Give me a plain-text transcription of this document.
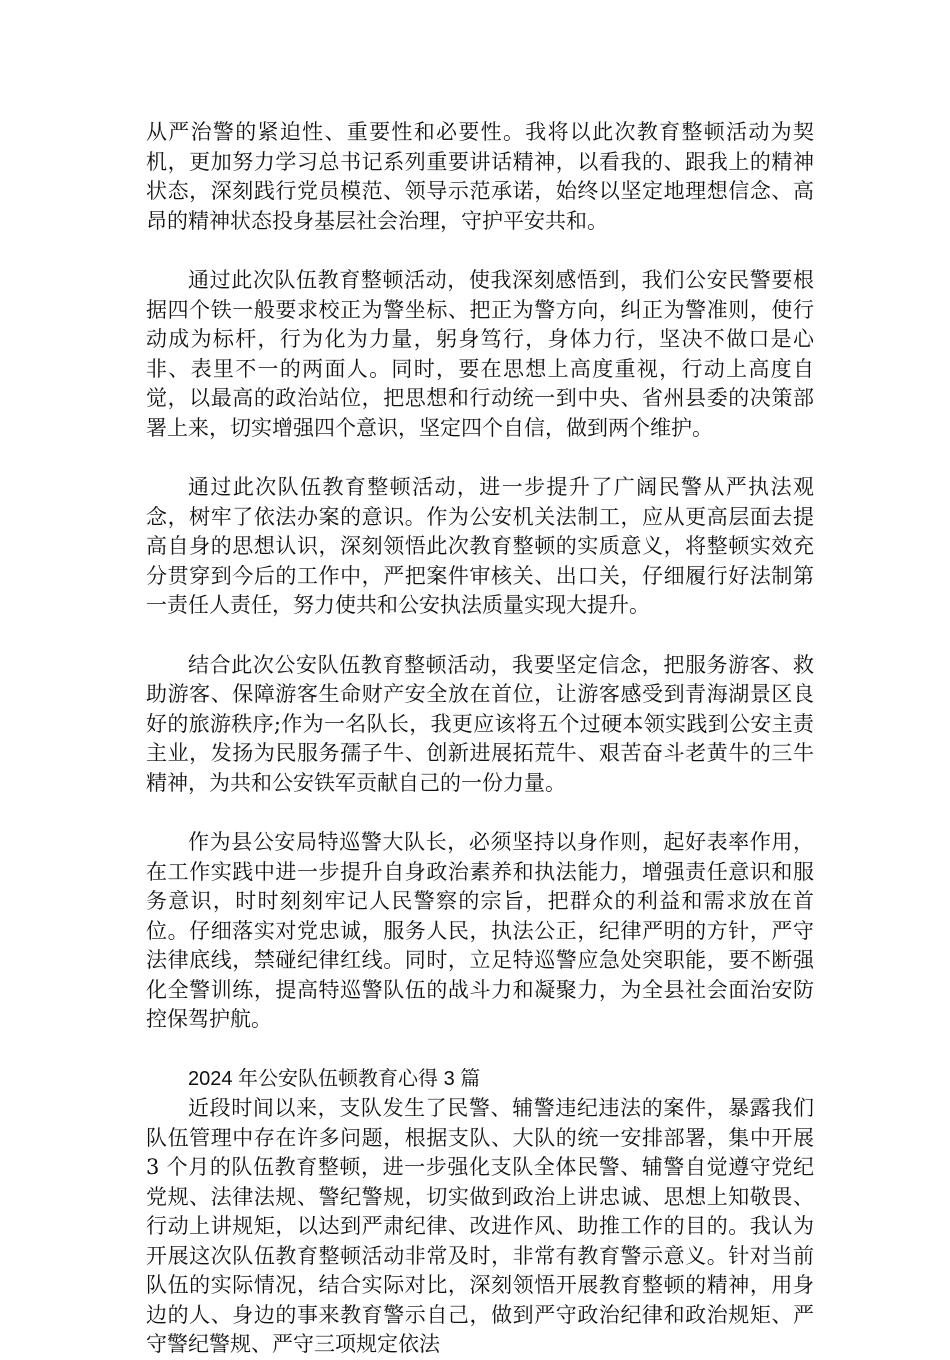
从严治警的紧迫性、重要性和必要性。我将以此次教育整顿活动为契机，更加努力学习总书记系列重要讲话精神，以看我的、跟我上的精神状态，深刻践行党员模范、领导示范承诺，始终以坚定地理想信念、高昂的精神状态投身基层社会治理，守护平安共和。

通过此次队伍教育整顿活动，使我深刻感悟到，我们公安民警要根据四个铁一般要求校正为警坐标、把正为警方向，纠正为警准则，使行动成为标杆，行为化为力量，躬身笃行，身体力行，坚决不做口是心非、表里不一的两面人。同时，要在思想上高度重视，行动上高度自觉，以最高的政治站位，把思想和行动统一到中央、省州县委的决策部署上来，切实增强四个意识，坚定四个自信，做到两个维护。

通过此次队伍教育整顿活动，进一步提升了广阔民警从严执法观念，树牢了依法办案的意识。作为公安机关法制工，应从更高层面去提高自身的思想认识，深刻领悟此次教育整顿的实质意义，将整顿实效充分贯穿到今后的工作中，严把案件审核关、出口关，仔细履行好法制第一责任人责任，努力使共和公安执法质量实现大提升。

结合此次公安队伍教育整顿活动，我要坚定信念，把服务游客、救助游客、保障游客生命财产安全放在首位，让游客感受到青海湖景区良好的旅游秩序;作为一名队长，我更应该将五个过硬本领实践到公安主责主业，发扬为民服务孺子牛、创新进展拓荒牛、艰苦奋斗老黄牛的三牛精神，为共和公安铁军贡献自己的一份力量。

作为县公安局特巡警大队长，必须坚持以身作则，起好表率作用，在工作实践中进一步提升自身政治素养和执法能力，增强责任意识和服务意识，时时刻刻牢记人民警察的宗旨，把群众的利益和需求放在首位。仔细落实对党忠诚，服务人民，执法公正，纪律严明的方针，严守法律底线，禁碰纪律红线。同时，立足特巡警应急处突职能，要不断强化全警训练，提高特巡警队伍的战斗力和凝聚力，为全县社会面治安防控保驾护航。

2024 年公安队伍顿教育心得 3 篇

近段时间以来，支队发生了民警、辅警违纪违法的案件，暴露我们队伍管理中存在许多问题，根据支队、大队的统一安排部署，集中开展 3 个月的队伍教育整顿，进一步强化支队全体民警、辅警自觉遵守党纪党规、法律法规、警纪警规，切实做到政治上讲忠诚、思想上知敬畏、行动上讲规矩，以达到严肃纪律、改进作风、助推工作的目的。我认为开展这次队伍教育整顿活动非常及时，非常有教育警示意义。针对当前队伍的实际情况，结合实际对比，深刻领悟开展教育整顿的精神，用身边的人、身边的事来教育警示自己，做到严守政治纪律和政治规矩、严守警纪警规、严守三项规定依法
